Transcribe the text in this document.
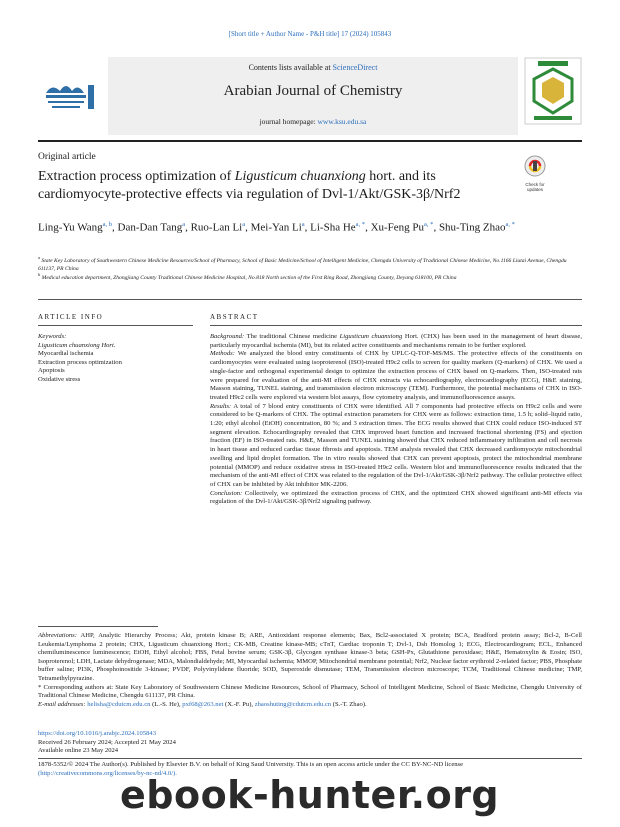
[Short title + Author Name - P&H title] 17 (2024) 105843
Contents lists available at ScienceDirect
Arabian Journal of Chemistry
journal homepage: www.ksu.edu.sa
Original article
Extraction process optimization of Ligusticum chuanxiong hort. and its cardiomyocyte-protective effects via regulation of Dvl-1/Akt/GSK-3β/Nrf2
Check for updates
Ling-Yu Wang$^{a, b}$, Dan-Dan Tang$^a$, Ruo-Lan Li$^a$, Mei-Yan Li$^a$, Li-Sha $He^{a, *}$, Xu-Feng $Pu^{a, *}$, Shu-Ting Zhao$^{a, *}$
$^a$ State Key Laboratory of Southwestern Chinese Medicine Resources/School of Pharmacy, School of Basic Medicine/School of Intelligent Medicine, Chengdu University of Traditional Chinese Medicine, No.1166 Liutai Avenue, Chengdu 611137, PR China
$^b$ Medical education department, Zhongjiang County Traditional Chinese Medicine Hospital, No.818 North section of the First Ring Road, Zhongjiang County, Deyang 618100, PR China
ARTICLE INFO	ABSTRACT
Keywords:
Ligusticum chuanxiong Hort.
Myocardial ischemia
Extraction process optimization
Apoptosis
Oxidative stress

Background: The traditional Chinese medicine Ligusticum chuanxiong Hort. (CHX) has been used in the management of heart disease, particularly myocardial ischemia (MI), but its related active constituents and mechanisms remain to be further explored.

Methods: We analyzed the blood entry constituents of CHX by UPLC-Q-TOF-MS/MS. The protective effects of the constituents on cardiomyocytes were evaluated using isoproterenol (ISO)-treated H9c2 cells to screen for quality markers (Q-markers) of CHX. We used a single-factor and orthogonal experimental design to optimize the extraction process of CHX based on Q-markers. Then, ISO-treated rats were prepared for evaluation of the anti-MI effects of CHX extracts via echocardiography, electrocardiography (ECG), H&E staining, Masson staining, TUNEL staining, and transmission electron microscopy (TEM). Furthermore, the potential mechanisms of CHX in ISO-treated H9c2 cells were explored via western blot assays, flow cytometry analysis, and immunofluorescence assays.

Results: A total of 7 blood entry constituents of CHX were identified. All 7 components had protective effects on H9c2 cells and were considered to be Q-markers of CHX. The optimal extraction parameters for CHX were as follows: extraction time, 1.5 h; solid–liquid ratio, 1:20; ethyl alcohol (EtOH) concentration, 80 %; and 3 extraction times. The ECG results showed that CHX could reduce ISO-induced ST segment elevation. Echocardiography revealed that CHX improved heart function and increased fractional shortening (FS) and ejection fraction (EF) in ISO-treated rats. H&E, Masson and TUNEL staining showed that CHX reduced inflammatory infiltration and cell necrosis in heart tissue and reduced cardiac tissue fibrosis and apoptosis. TEM analysis revealed that CHX decreased cardiomyocyte mitochondrial swelling and lipid droplet formation. The in vitro results showed that CHX can prevent apoptosis, protect the mitochondrial membrane potential (MMOP) and reduce oxidative stress in ISO-treated H9c2 cells. Western blot and immunofluorescence results indicated that the mechanism of the anti-MI effect of CHX was related to the regulation of the Dvl-1/Akt/GSK-3β/Nrf2 pathway. The cellular protective effect of CHX can be inhibited by Akt inhibitor MK-2206.

Conclusion: Collectively, we optimized the extraction process of CHX, and the optimized CHX showed significant anti-MI effects via regulation of the Dvl-1/Akt/GSK-3β/Nrf2 signaling pathway.

Abbreviations: AHP, Analytic Hierarchy Process; Akt, protein kinase B; ARE, Antioxidant response elements; Bax, Bcl2-associated X protein; BCA, Bradford protein assay; Bcl-2, B-Cell Leukemia/Lymphoma 2 protein; CHX, Ligusticum chuanxiong Hort.; CK-MB, Creatine kinase-MB; cTnT, Cardiac troponin T; Dvl-1, Dsh Homolog 1; ECG, Electrocardiogram; ECL, Enhanced chemiluminescence luminescence; EtOH, Ethyl alcohol; FBS, Fetal bovine serum; GSK-3β, Glycogen synthase kinase-3 beta; GSH-Px, Glutathione peroxidase; H&E, Hematoxylin & Eosin; ISO, Isoproterenol; LDH, Lactate dehydrogenase; MDA, Malondialdehyde; MI, Myocardial ischemia; MMOP, Mitochondrial membrane potential; Nrf2, Nuclear factor erythroid 2-related factor; PBS, Phosphate buffer saline; PI3K, Phosphoinositide 3-kinase; PVDF, Polyvinylidene fluoride; SOD, Superoxide dismutase; TEM, Transmission electron microscope; TCM, Traditional Chinese medicine; TMP, Tetramethylpyrazine.

* Corresponding authors at: State Key Laboratory of Southwestern Chinese Medicine Resources, School of Pharmacy, School of Intelligent Medicine, School of Basic Medicine, Chengdu University of Traditional Chinese Medicine, Chengdu 611137, PR China.

E-mail addresses: helisha@cdutcm.edu.cn (L.-S. He), pxf68@263.net (X.-F. Pu), zhaoshuting@cdutcm.edu.cn (S.-T. Zhao).

https://doi.org/10.1016/j.arabjc.2024.105843
Received 26 February 2024; Accepted 21 May 2024
Available online 23 May 2024
1878-5352/© 2024 The Author(s). Published by Elsevier B.V. on behalf of King Saud University. This is an open access article under the CC BY-NC-ND license
(http://creativecommons.org/licenses/by-nc-nd/4.0/).
ebook-hunter.org
